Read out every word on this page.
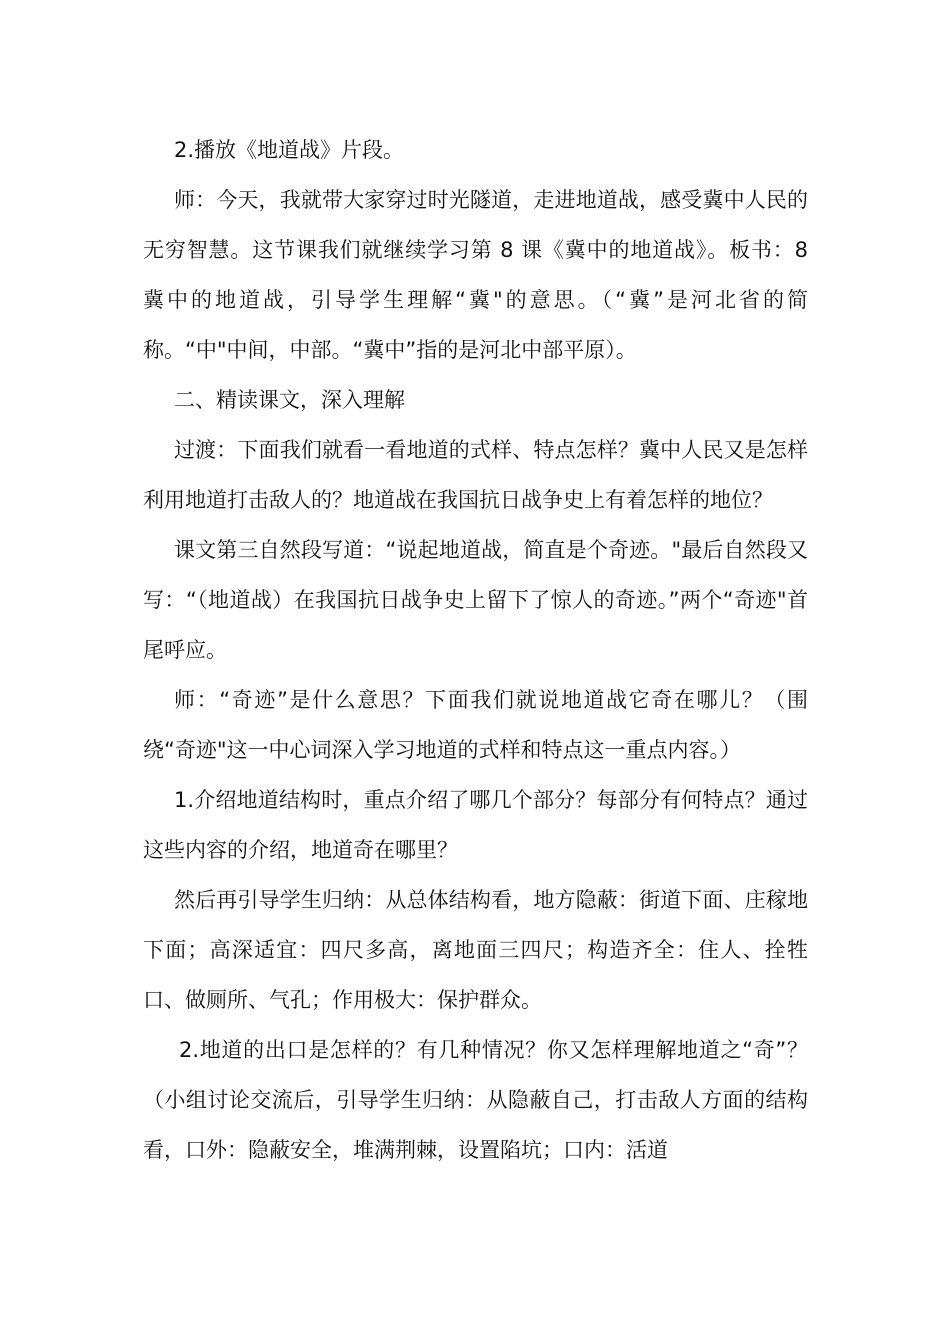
2.播放《地道战》片段。

师：今天，我就带大家穿过时光隧道，走进地道战，感受冀中人民的无穷智慧。这节课我们就继续学习第 8 课《冀中的地道战》。板书：8 冀中的地道战，引导学生理解“冀"的意思。（“冀”是河北省的简称。“中"中间，中部。“冀中”指的是河北中部平原）。

二、精读课文，深入理解

过渡：下面我们就看一看地道的式样、特点怎样？冀中人民又是怎样利用地道打击敌人的？地道战在我国抗日战争史上有着怎样的地位？

课文第三自然段写道：“说起地道战，简直是个奇迹。"最后自然段又写：“（地道战）在我国抗日战争史上留下了惊人的奇迹。”两个“奇迹"首尾呼应。

师：“奇迹”是什么意思？下面我们就说地道战它奇在哪儿？（围绕“奇迹"这一中心词深入学习地道的式样和特点这一重点内容。）

1.介绍地道结构时，重点介绍了哪几个部分？每部分有何特点？通过这些内容的介绍，地道奇在哪里？

然后再引导学生归纳：从总体结构看，地方隐蔽：街道下面、庄稼地下面；高深适宜：四尺多高，离地面三四尺；构造齐全：住人、拴牲口、做厕所、气孔；作用极大：保护群众。

2.地道的出口是怎样的？有几种情况？你又怎样理解地道之“奇”？（小组讨论交流后，引导学生归纳：从隐蔽自己，打击敌人方面的结构看，口外：隐蔽安全，堆满荆棘，设置陷坑；口内：活道
